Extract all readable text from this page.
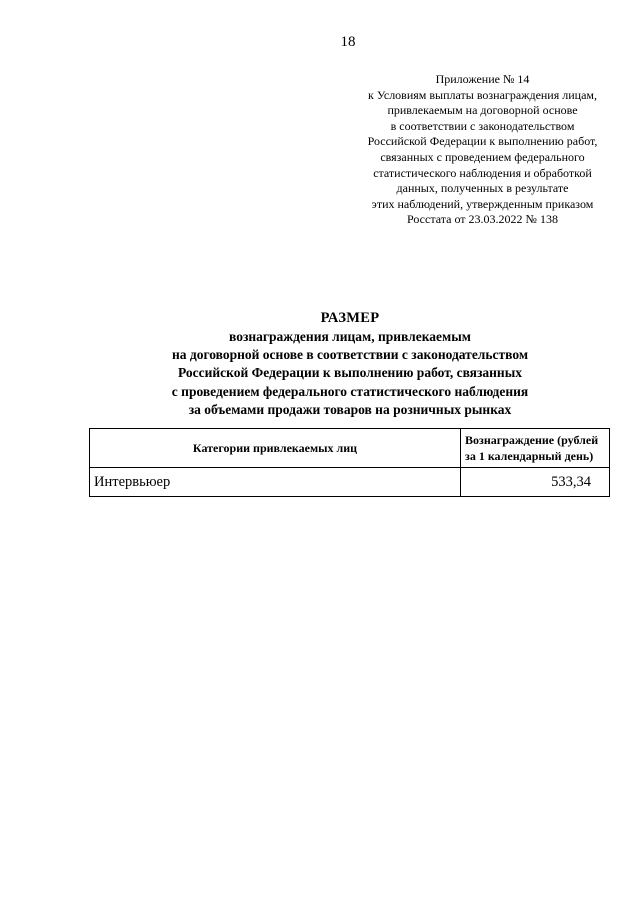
18
Приложение № 14
к Условиям выплаты вознаграждения лицам,
привлекаемым на договорной основе
в соответствии с законодательством
Российской Федерации к выполнению работ,
связанных с проведением федерального
статистического наблюдения и обработкой
данных, полученных в результате
этих наблюдений, утвержденным приказом
Росстата от 23.03.2022 № 138
РАЗМЕР
вознаграждения лицам, привлекаемым
на договорной основе в соответствии с законодательством
Российской Федерации к выполнению работ, связанных
с проведением федерального статистического наблюдения
за объемами продажи товаров на розничных рынках
Категории привлекаемых лиц	Вознаграждение (рублей
за 1 календарный день)

Интервьюер	533,34
